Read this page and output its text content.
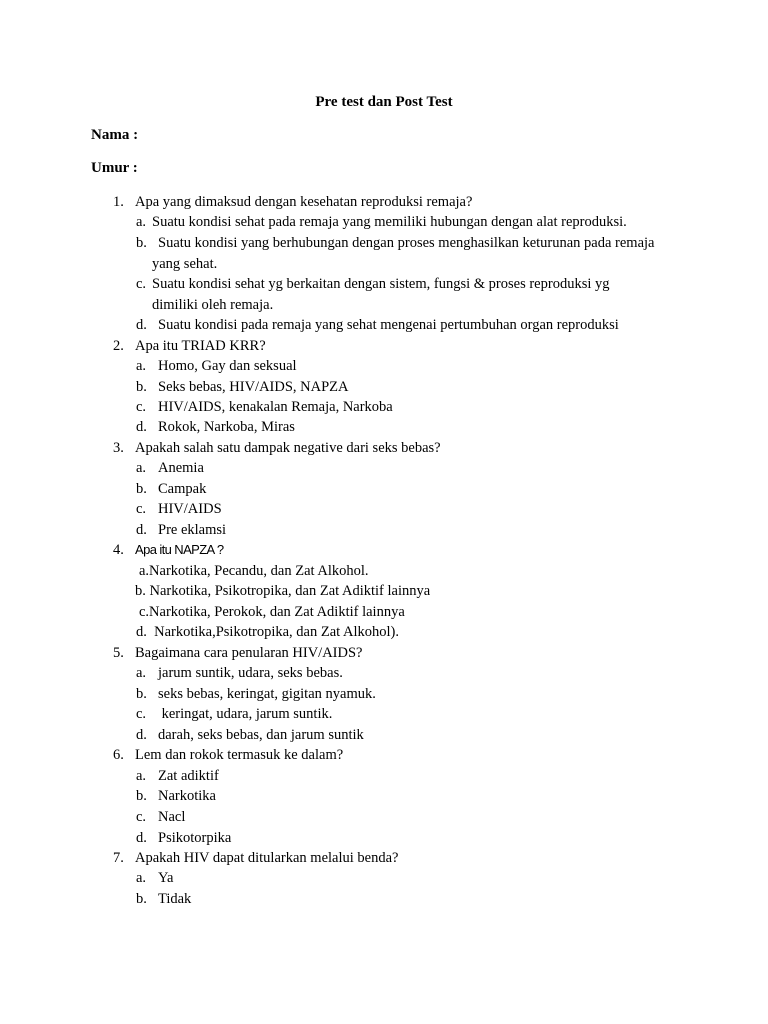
Pre test dan Post Test
Nama :
Umur :
1. Apa yang dimaksud dengan kesehatan reproduksi remaja?
a. Suatu kondisi sehat pada remaja yang memiliki hubungan dengan alat reproduksi.
b. Suatu kondisi yang berhubungan dengan proses menghasilkan keturunan pada remaja
yang sehat.
c. Suatu kondisi sehat yg berkaitan dengan sistem, fungsi & proses reproduksi yg
dimiliki oleh remaja.
d. Suatu kondisi pada remaja yang sehat mengenai pertumbuhan organ reproduksi
2. Apa itu TRIAD KRR?
a. Homo, Gay dan seksual
b. Seks bebas, HIV/AIDS, NAPZA
c. HIV/AIDS, kenakalan Remaja, Narkoba
d. Rokok, Narkoba, Miras
3. Apakah salah satu dampak negative dari seks bebas?
a. Anemia
b. Campak
c. HIV/AIDS
d. Pre eklamsi
4. Apa itu NAPZA ?
a.Narkotika, Pecandu, dan Zat Alkohol.
b. Narkotika, Psikotropika, dan Zat Adiktif lainnya
c.Narkotika, Perokok, dan Zat Adiktif lainnya
d.  Narkotika,Psikotropika, dan Zat Alkohol).
5. Bagaimana cara penularan HIV/AIDS?
a. jarum suntik, udara, seks bebas.
b. seks bebas, keringat, gigitan nyamuk.
c. keringat, udara, jarum suntik.
d. darah, seks bebas, dan jarum suntik
6. Lem dan rokok termasuk ke dalam?
a. Zat adiktif
b. Narkotika
c. Nacl
d. Psikotorpika
7. Apakah HIV dapat ditularkan melalui benda?
a. Ya
b. Tidak
